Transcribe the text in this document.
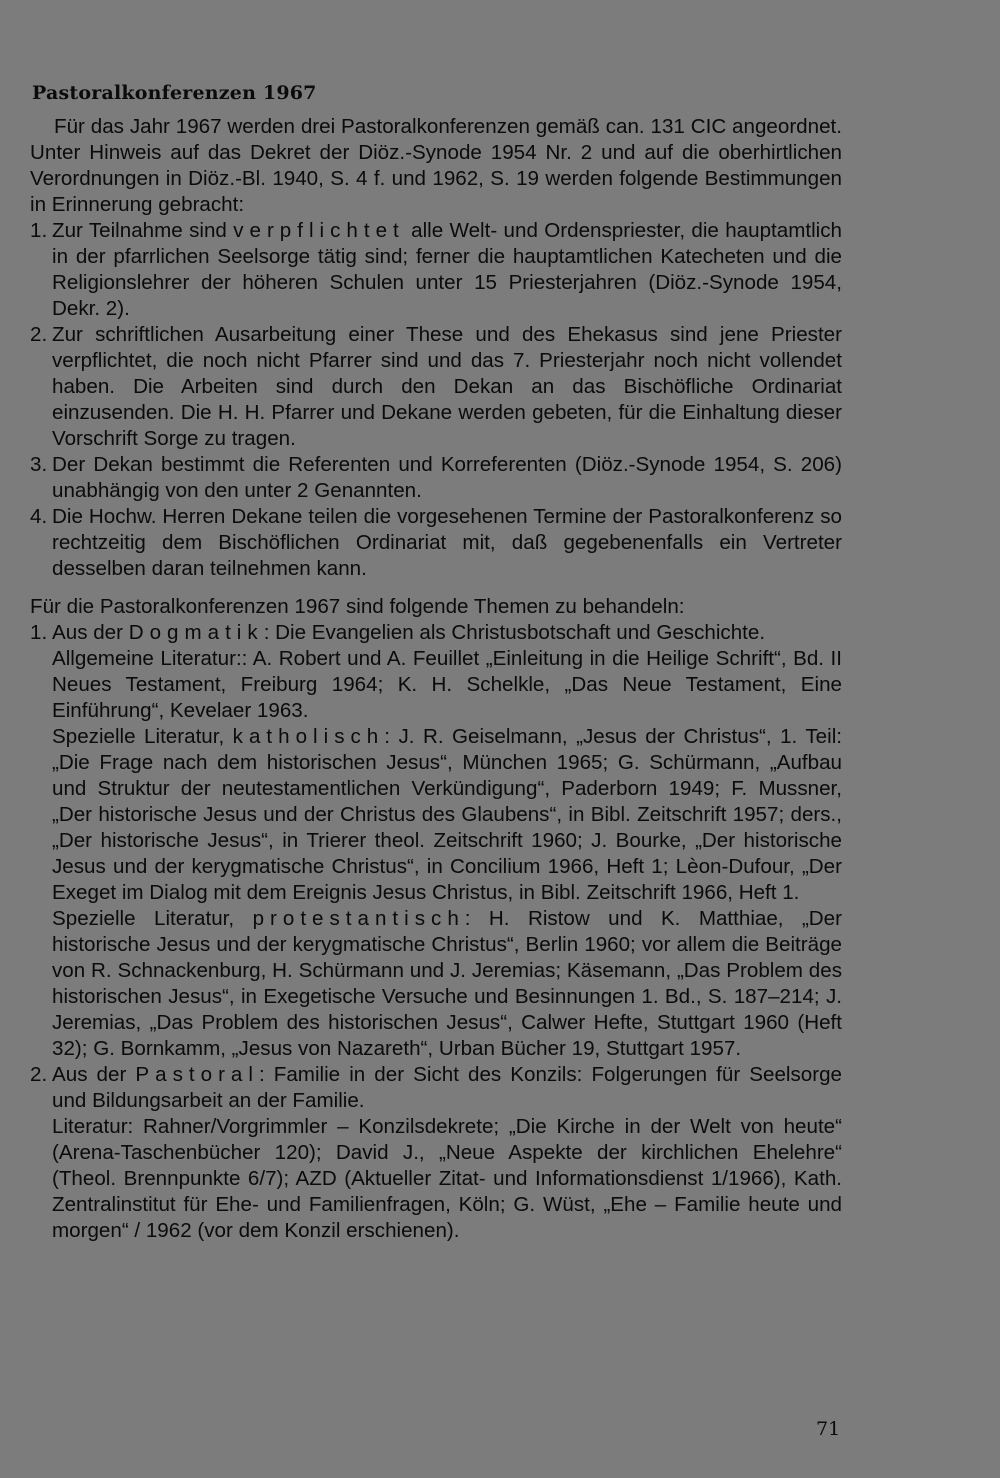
Pastoralkonferenzen 1967

Für das Jahr 1967 werden drei Pastoralkonferenzen gemäß can. 131 CIC angeordnet. Unter Hinweis auf das Dekret der Diöz.-Synode 1954 Nr. 2 und auf die oberhirtlichen Verordnungen in Diöz.-Bl. 1940, S. 4 f. und 1962, S. 19 werden folgende Bestimmungen in Erinnerung gebracht:

1. Zur Teilnahme sind verpflichtet alle Welt- und Ordenspriester, die hauptamtlich in der pfarrlichen Seelsorge tätig sind; ferner die hauptamtlichen Katecheten und die Religionslehrer der höheren Schulen unter 15 Priesterjahren (Diöz.-Synode 1954, Dekr. 2).

2. Zur schriftlichen Ausarbeitung einer These und des Ehekasus sind jene Priester verpflichtet, die noch nicht Pfarrer sind und das 7. Priesterjahr noch nicht vollendet haben. Die Arbeiten sind durch den Dekan an das Bischöfliche Ordinariat einzusenden. Die H. H. Pfarrer und Dekane werden gebeten, für die Einhaltung dieser Vorschrift Sorge zu tragen.

3. Der Dekan bestimmt die Referenten und Korreferenten (Diöz.-Synode 1954, S. 206) unabhängig von den unter 2 Genannten.

4. Die Hochw. Herren Dekane teilen die vorgesehenen Termine der Pastoralkonferenz so rechtzeitig dem Bischöflichen Ordinariat mit, daß gegebenenfalls ein Vertreter desselben daran teilnehmen kann.

Für die Pastoralkonferenzen 1967 sind folgende Themen zu behandeln:

1. Aus der Dogmatik: Die Evangelien als Christusbotschaft und Geschichte.

Allgemeine Literatur:: A. Robert und A. Feuillet „Einleitung in die Heilige Schrift“, Bd. II Neues Testament, Freiburg 1964; K. H. Schelkle, „Das Neue Testament, Eine Einführung“, Kevelaer 1963.

Spezielle Literatur, katholisch: J. R. Geiselmann, „Jesus der Christus“, 1. Teil: „Die Frage nach dem historischen Jesus“, München 1965; G. Schürmann, „Aufbau und Struktur der neutestamentlichen Verkündigung“, Paderborn 1949; F. Mussner, „Der historische Jesus und der Christus des Glaubens“, in Bibl. Zeitschrift 1957; ders., „Der historische Jesus“, in Trierer theol. Zeitschrift 1960; J. Bourke, „Der historische Jesus und der kerygmatische Christus“, in Concilium 1966, Heft 1; Lèon-Dufour, „Der Exeget im Dialog mit dem Ereignis Jesus Christus, in Bibl. Zeitschrift 1966, Heft 1.

Spezielle Literatur, protestantisch: H. Ristow und K. Matthiae, „Der historische Jesus und der kerygmatische Christus“, Berlin 1960; vor allem die Beiträge von R. Schnackenburg, H. Schürmann und J. Jeremias; Käsemann, „Das Problem des historischen Jesus“, in Exegetische Versuche und Besinnungen 1. Bd., S. 187–214; J. Jeremias, „Das Problem des historischen Jesus“, Calwer Hefte, Stuttgart 1960 (Heft 32); G. Bornkamm, „Jesus von Nazareth“, Urban Bücher 19, Stuttgart 1957.

2. Aus der Pastoral: Familie in der Sicht des Konzils: Folgerungen für Seelsorge und Bildungsarbeit an der Familie.

Literatur: Rahner/Vorgrimmler – Konzilsdekrete; „Die Kirche in der Welt von heute“ (Arena-Taschenbücher 120); David J., „Neue Aspekte der kirchlichen Ehelehre“ (Theol. Brennpunkte 6/7); AZD (Aktueller Zitat- und Informationsdienst 1/1966), Kath. Zentralinstitut für Ehe- und Familienfragen, Köln; G. Wüst, „Ehe – Familie heute und morgen“ / 1962 (vor dem Konzil erschienen).

71
